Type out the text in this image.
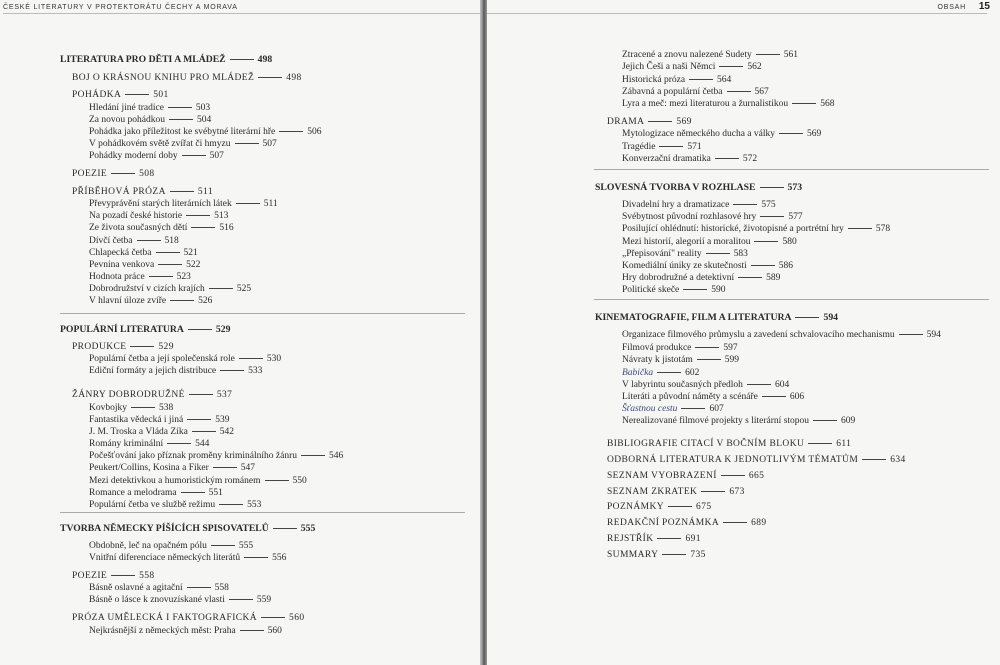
ČESKÉ LITERATURY V PROTEKTORÁTU ČECHY A MORAVA
LITERATURA PRO DĚTI A MLÁDEŽ	498
BOJ O KRÁSNOU KNIHU PRO MLÁDEŽ	498
POHÁDKA	501
Hledání jiné tradice	503
Za novou pohádkou	504
Pohádka jako příležitost ke svébytné literární hře	506
V pohádkovém světě zvířat či hmyzu	507
Pohádky moderní doby	507
POEZIE	508
PŘÍBĚHOVÁ PRÓZA	511
Převyprávění starých literárních látek	511
Na pozadí české historie	513
Ze života současných dětí	516
Dívčí četba	518
Chlapecká četba	521
Pevnina venkova	522
Hodnota práce	523
Dobrodružství v cizích krajích	525
V hlavní úloze zvíře	526
POPULÁRNÍ LITERATURA	529
PRODUKCE	529
Populární četba a její společenská role	530
Ediční formáty a jejich distribuce	533
ŽÁNRY DOBRODRUŽNÉ	537
Kovbojky	538
Fantastika vědecká i jiná	539
J. M. Troska a Vláda Zíka	542
Romány kriminální	544
Počešťování jako příznak proměny kriminálního žánru	546
Peukert/Collins, Kosina a Fiker	547
Mezi detektivkou a humoristickým románem	550
Romance a melodrama	551
Populární četba ve službě režimu	553
TVORBA NĚMECKY PÍŠÍCÍCH SPISOVATELŮ	555
Obdobně, leč na opačném pólu	555
Vnitřní diferenciace německých literátů	556
POEZIE	558
Básně oslavné a agitační	558
Básně o lásce k znovuzískané vlasti	559
PRÓZA UMĚLECKÁ I FAKTOGRAFICKÁ	560
Nejkrásnější z německých měst: Praha	560
OBSAH 15
Ztracené a znovu nalezené Sudety	561
Jejich Češi a naši Němci	562
Historická próza	564
Zábavná a populární četba	567
Lyra a meč: mezi literaturou a žurnalistikou	568
DRAMA	569
Mytologizace německého ducha a války	569
Tragédie	571
Konverzační dramatika	572
SLOVESNÁ TVORBA V ROZHLASE	573
Divadelní hry a dramatizace	575
Svébytnost původní rozhlasové hry	577
Posilující ohlédnutí: historické, životopisné a portrétní hry	578
Mezi historií, alegorií a moralitou	580
„Přepisování" reality	583
Komediální úniky ze skutečnosti	586
Hry dobrodružné a detektivní	589
Politické skeče	590
KINEMATOGRAFIE, FILM A LITERATURA	594
Organizace filmového průmyslu a zavedení schvalovacího mechanismu	594
Filmová produkce	597
Návraty k jistotám	599
Babička	602
V labyrintu současných předloh	604
Literáti a původní náměty a scénáře	606
Šťastnou cestu	607
Nerealizované filmové projekty s literární stopou	609
BIBLIOGRAFIE CITACÍ V BOČNÍM BLOKU	611
ODBORNÁ LITERATURA K JEDNOTLIVÝM TÉMATŮM	634
SEZNAM VYOBRAZENÍ	665
SEZNAM ZKRATEK	673
POZNÁMKY	675
REDAKČNÍ POZNÁMKA	689
REJSTŘÍK	691
SUMMARY	735
